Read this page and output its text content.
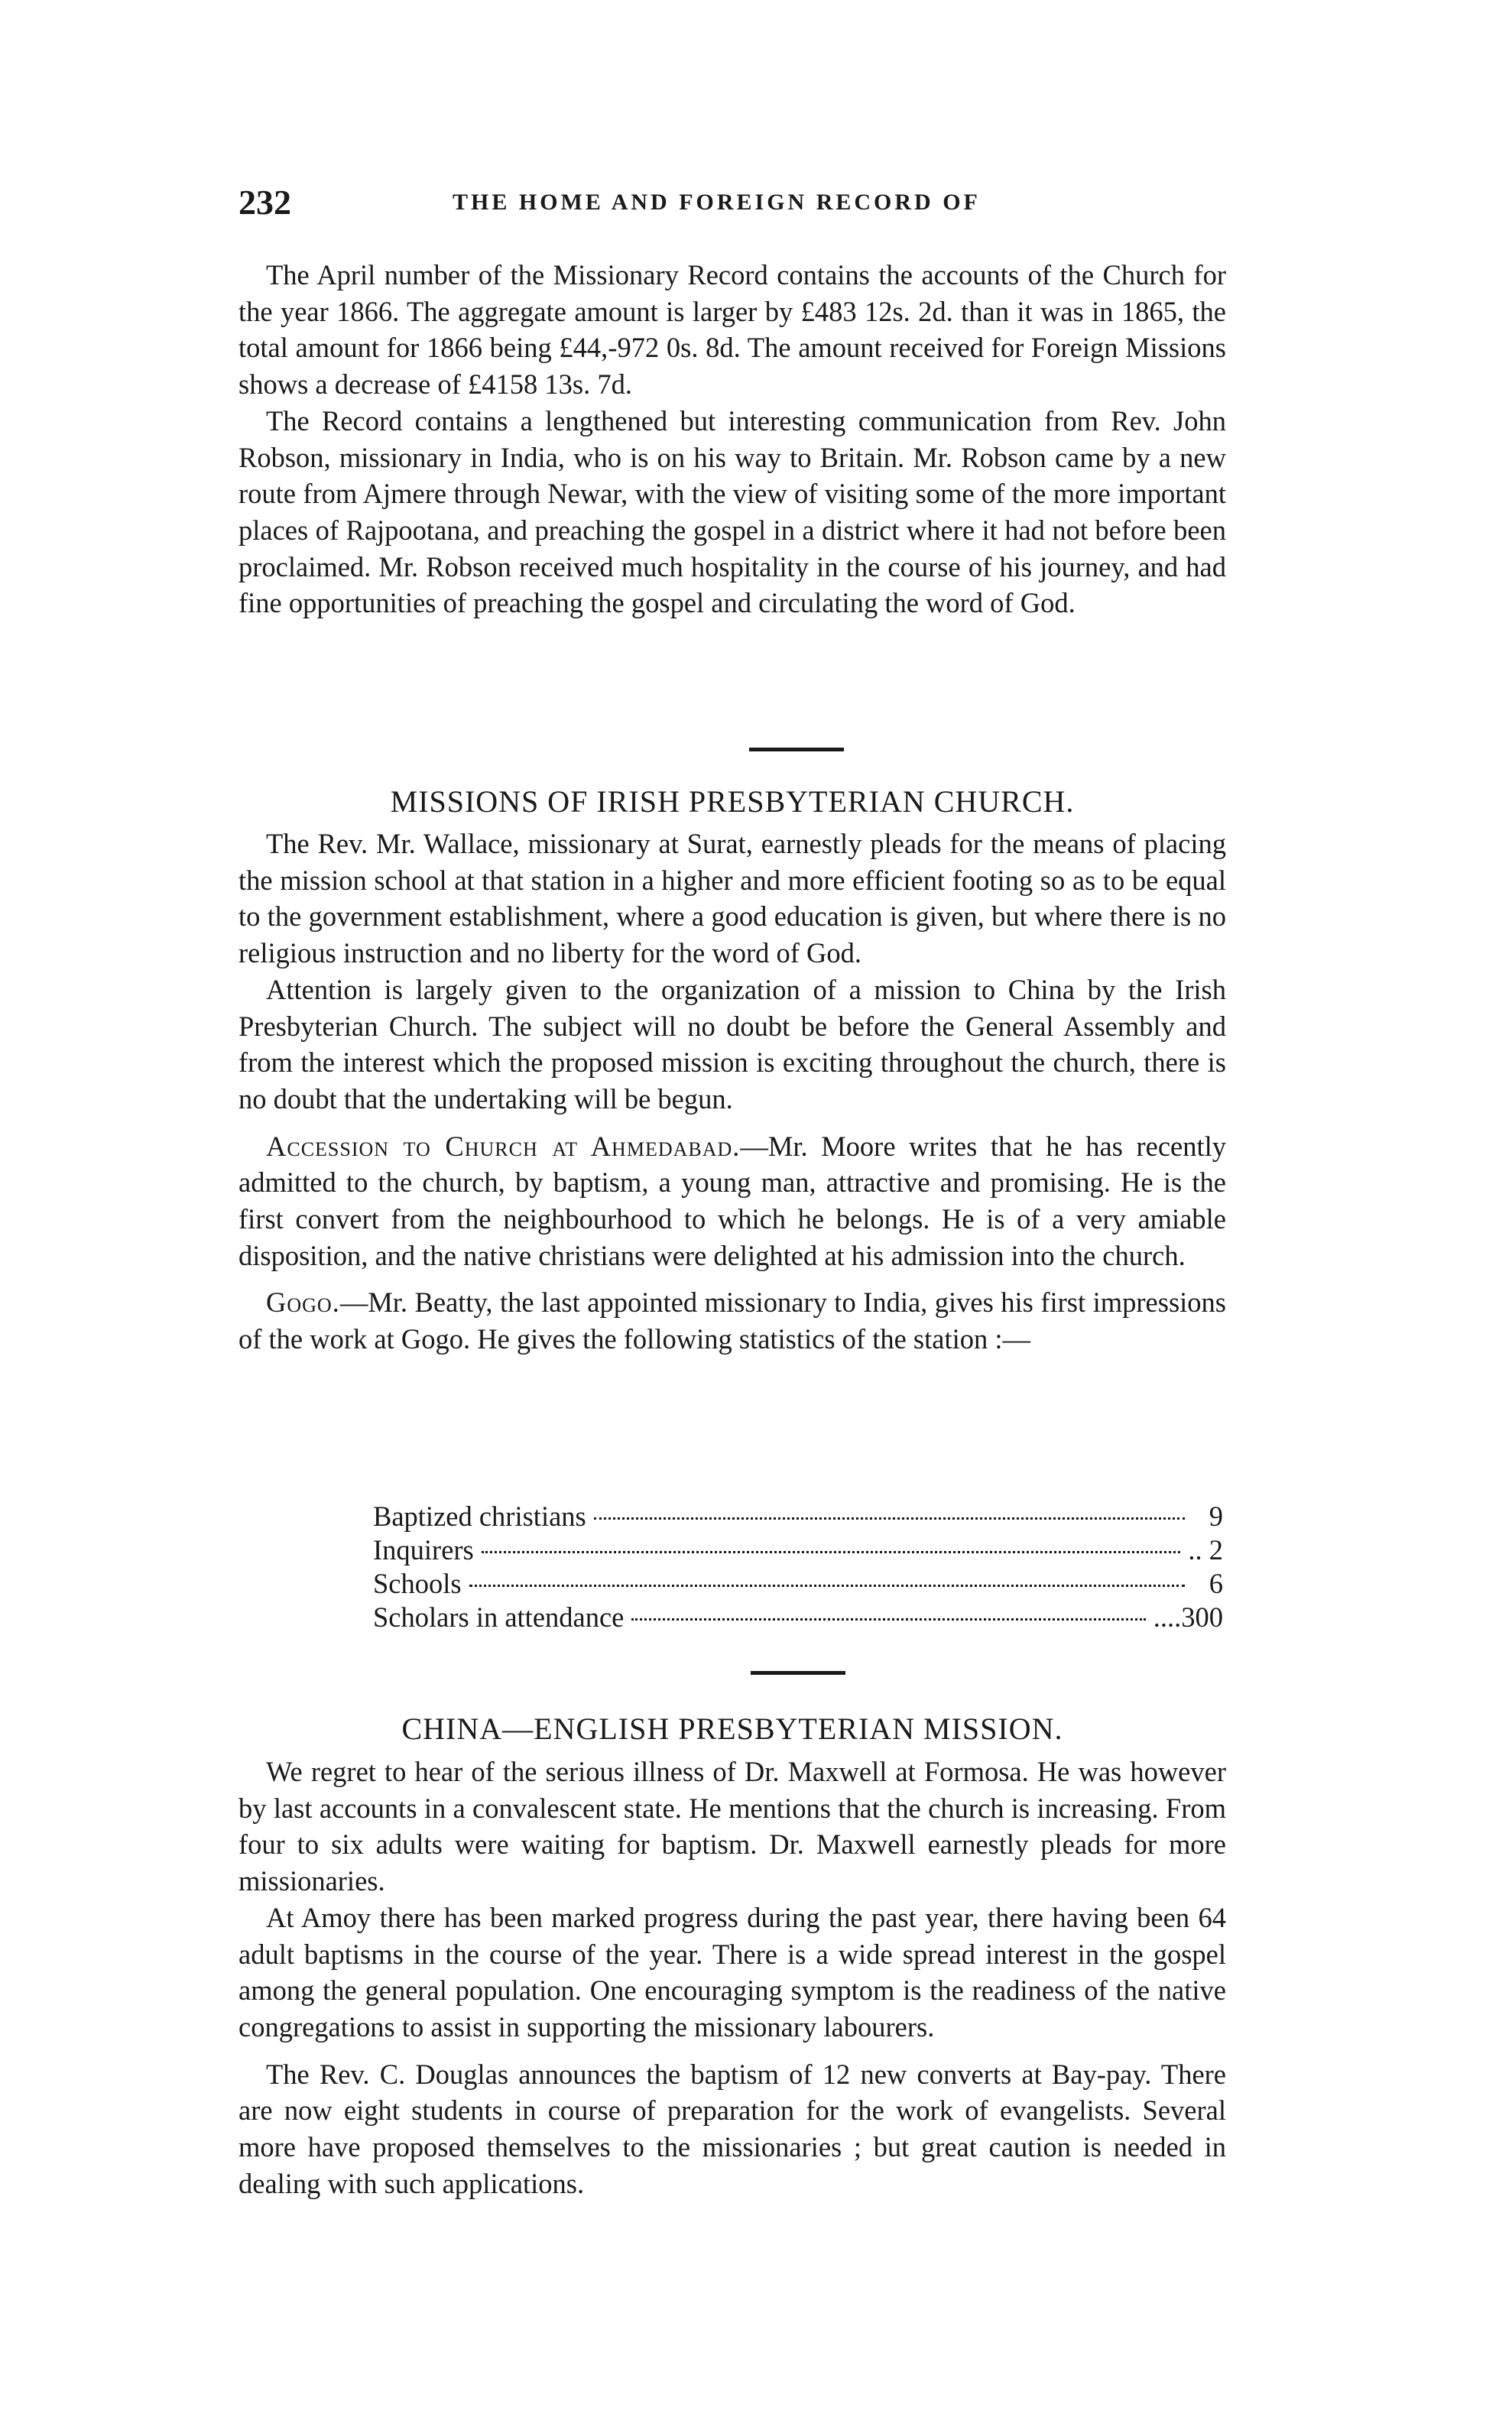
232	THE HOME AND FOREIGN RECORD OF

The April number of the Missionary Record contains the accounts of the Church for the year 1866. The aggregate amount is larger by £483 12s. 2d. than it was in 1865, the total amount for 1866 being £44,-972 0s. 8d. The amount received for Foreign Missions shows a decrease of £4158 13s. 7d.

The Record contains a lengthened but interesting communication from Rev. John Robson, missionary in India, who is on his way to Britain. Mr. Robson came by a new route from Ajmere through Newar, with the view of visiting some of the more important places of Rajpootana, and preaching the gospel in a district where it had not before been proclaimed. Mr. Robson received much hospitality in the course of his journey, and had fine opportunities of preaching the gospel and circulating the word of God.

MISSIONS OF IRISH PRESBYTERIAN CHURCH.

The Rev. Mr. Wallace, missionary at Surat, earnestly pleads for the means of placing the mission school at that station in a higher and more efficient footing so as to be equal to the government establishment, where a good education is given, but where there is no religious instruction and no liberty for the word of God.

Attention is largely given to the organization of a mission to China by the Irish Presbyterian Church. The subject will no doubt be before the General Assembly and from the interest which the proposed mission is exciting throughout the church, there is no doubt that the undertaking will be begun.

Accession to Church at Ahmedabad.—Mr. Moore writes that he has recently admitted to the church, by baptism, a young man, attractive and promising. He is the first convert from the neighbourhood to which he belongs. He is of a very amiable disposition, and the native christians were delighted at his admission into the church.

Gogo.—Mr. Beatty, the last appointed missionary to India, gives his first impressions of the work at Gogo. He gives the following statistics of the station :—

Baptized christians	9
Inquirers	.. 2
Schools	6
Scholars in attendance	....300
CHINA—ENGLISH PRESBYTERIAN MISSION.

We regret to hear of the serious illness of Dr. Maxwell at Formosa. He was however by last accounts in a convalescent state. He mentions that the church is increasing. From four to six adults were waiting for baptism. Dr. Maxwell earnestly pleads for more missionaries.

At Amoy there has been marked progress during the past year, there having been 64 adult baptisms in the course of the year. There is a wide spread interest in the gospel among the general population. One encouraging symptom is the readiness of the native congregations to assist in supporting the missionary labourers.

The Rev. C. Douglas announces the baptism of 12 new converts at Bay-pay. There are now eight students in course of preparation for the work of evangelists. Several more have proposed themselves to the missionaries ; but great caution is needed in dealing with such applications.
